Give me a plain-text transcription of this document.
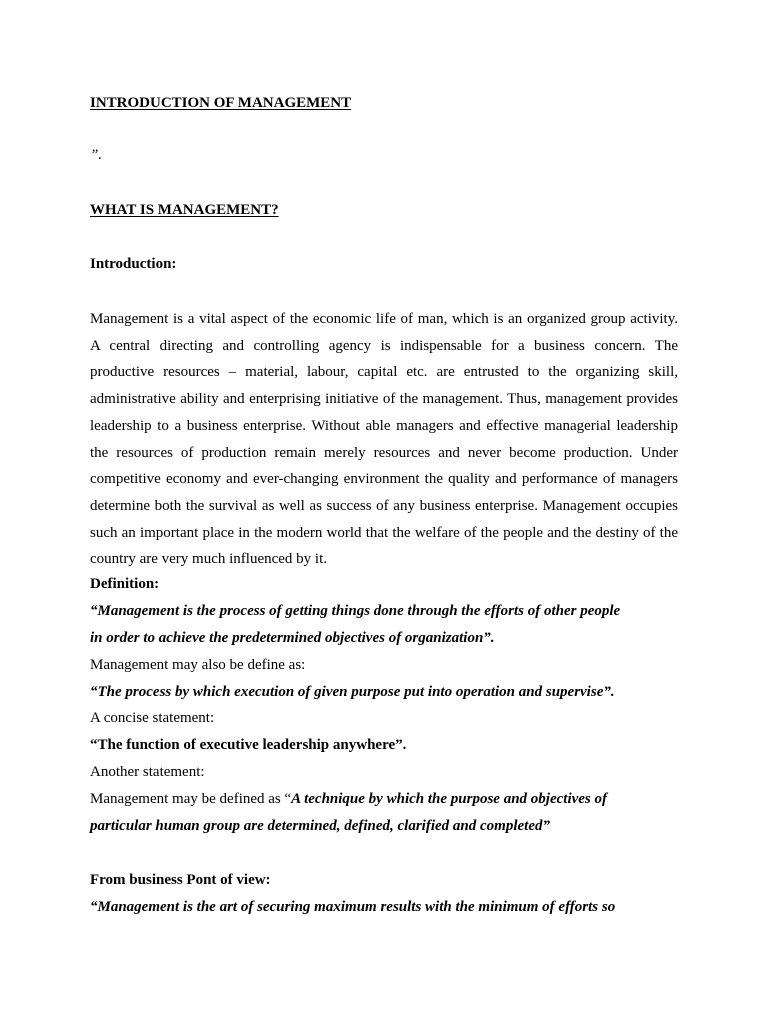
INTRODUCTION OF MANAGEMENT
”.
WHAT IS MANAGEMENT?
Introduction:

Management is a vital aspect of the economic life of man, which is an organized group activity.
A central directing and controlling agency is indispensable for a business concern. The
productive resources – material, labour, capital etc. are entrusted to the organizing skill,
administrative ability and enterprising initiative of the management. Thus, management provides
leadership to a business enterprise. Without able managers and effective managerial leadership
the resources of production remain merely resources and never become production. Under
competitive economy and ever-changing environment the quality and performance of managers
determine both the survival as well as success of any business enterprise. Management occupies
such an important place in the modern world that the welfare of the people and the destiny of the
country are very much influenced by it.

Definition:
“Management is the process of getting things done through the efforts of other people
in order to achieve the predetermined objectives of organization”.
Management may also be define as:
“The process by which execution of given purpose put into operation and supervise”.
A concise statement:
“The function of executive leadership anywhere”.
Another statement:
Management may be defined as “A technique by which the purpose and objectives of
particular human group are determined, defined, clarified and completed”
From business Pont of view:
“Management is the art of securing maximum results with the minimum of efforts so
